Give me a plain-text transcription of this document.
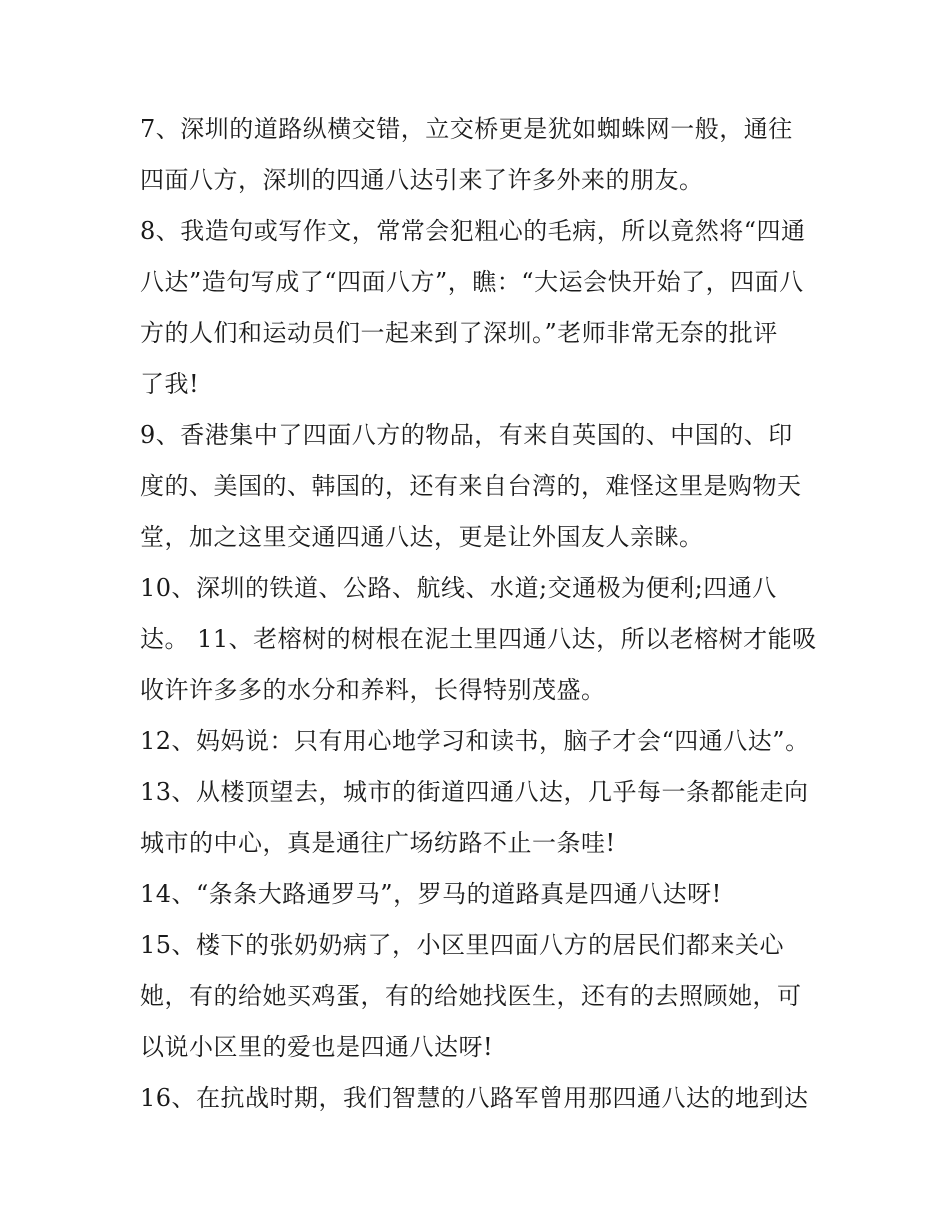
7、深圳的道路纵横交错，立交桥更是犹如蜘蛛网一般，通往
四面八方，深圳的四通八达引来了许多外来的朋友。
8、我造句或写作文，常常会犯粗心的毛病，所以竟然将“四通
八达”造句写成了“四面八方”，瞧：“大运会快开始了，四面八
方的人们和运动员们一起来到了深圳。”老师非常无奈的批评
了我!
9、香港集中了四面八方的物品，有来自英国的、中国的、印
度的、美国的、韩国的，还有来自台湾的，难怪这里是购物天
堂，加之这里交通四通八达，更是让外国友人亲睐。
10、深圳的铁道、公路、航线、水道;交通极为便利;四通八
达。 11、老榕树的树根在泥土里四通八达，所以老榕树才能吸
收许许多多的水分和养料，长得特别茂盛。
12、妈妈说：只有用心地学习和读书，脑子才会“四通八达”。
13、从楼顶望去，城市的街道四通八达，几乎每一条都能走向
城市的中心，真是通往广场纺路不止一条哇!
14、“条条大路通罗马”，罗马的道路真是四通八达呀!
15、楼下的张奶奶病了，小区里四面八方的居民们都来关心
她，有的给她买鸡蛋，有的给她找医生，还有的去照顾她，可
以说小区里的爱也是四通八达呀!
16、在抗战时期，我们智慧的八路军曾用那四通八达的地到达
